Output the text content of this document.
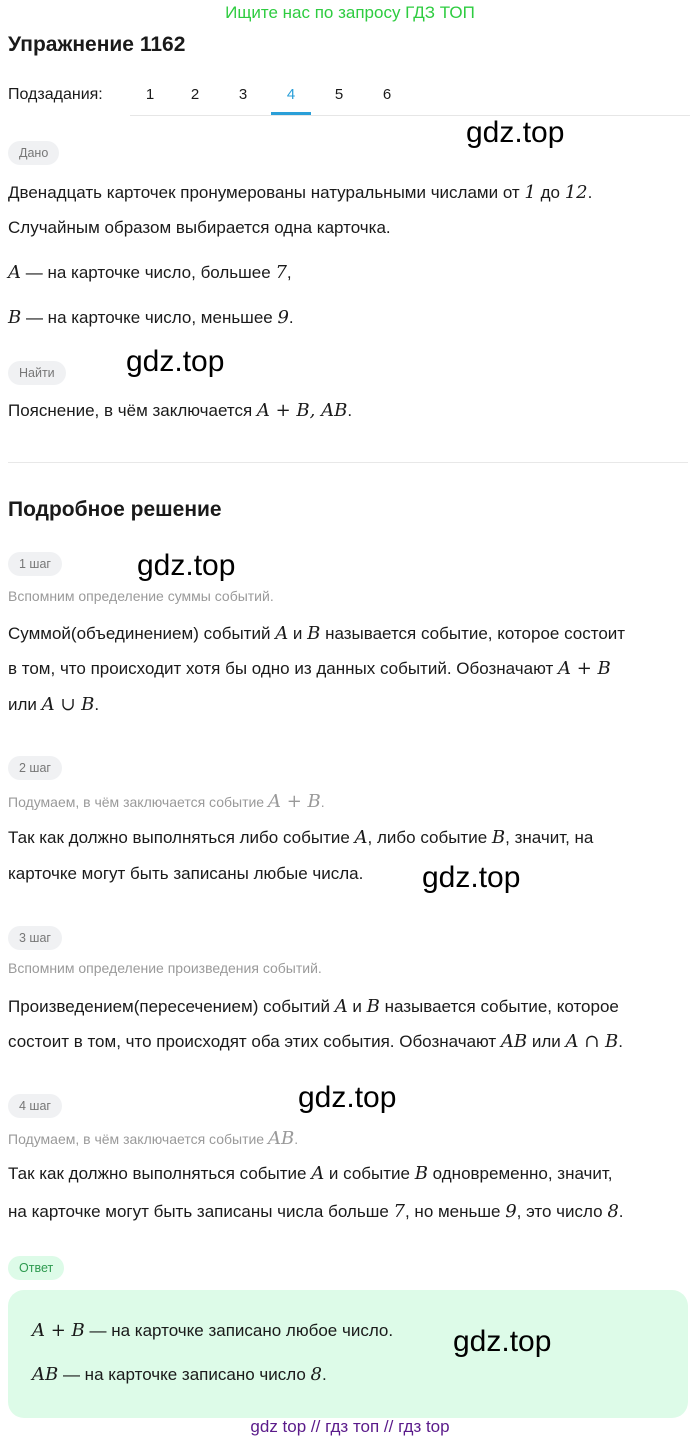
Ищите нас по запросу ГДЗ ТОП
Упражнение 1162
Подзадания:	1	2	3	4	5	6
gdz.top
gdz.top
gdz.top
gdz.top
gdz.top
Дано
Найти
Подробное решение
1 шаг
2 шаг
3 шаг
4 шаг
Ответ
gdz.top
Двенадцать карточек пронумерованы натуральными числами от 1 до 12.
Случайным образом выбирается одна карточка.
A — на карточке число, большее 7,
B — на карточке число, меньшее 9.
Пояснение, в чём заключается A + B, AB.
Вспомним определение суммы событий.
Суммой(объединением) событий A и B называется событие, которое состоит
в том, что происходит хотя бы одно из данных событий. Обозначают A + B
или A ∪ B.
Подумаем, в чём заключается событие A + B.
Так как должно выполняться либо событие A, либо событие B, значит, на
карточке могут быть записаны любые числа.
Вспомним определение произведения событий.
Произведением(пересечением) событий A и B называется событие, которое
состоит в том, что происходят оба этих события. Обозначают AB или A ∩ B.
Подумаем, в чём заключается событие AB.
Так как должно выполняться событие A и событие B одновременно, значит,
на карточке могут быть записаны числа больше 7, но меньше 9, это число 8.
A + B — на карточке записано любое число.
AB — на карточке записано число 8.
gdz top // гдз топ // гдз top
